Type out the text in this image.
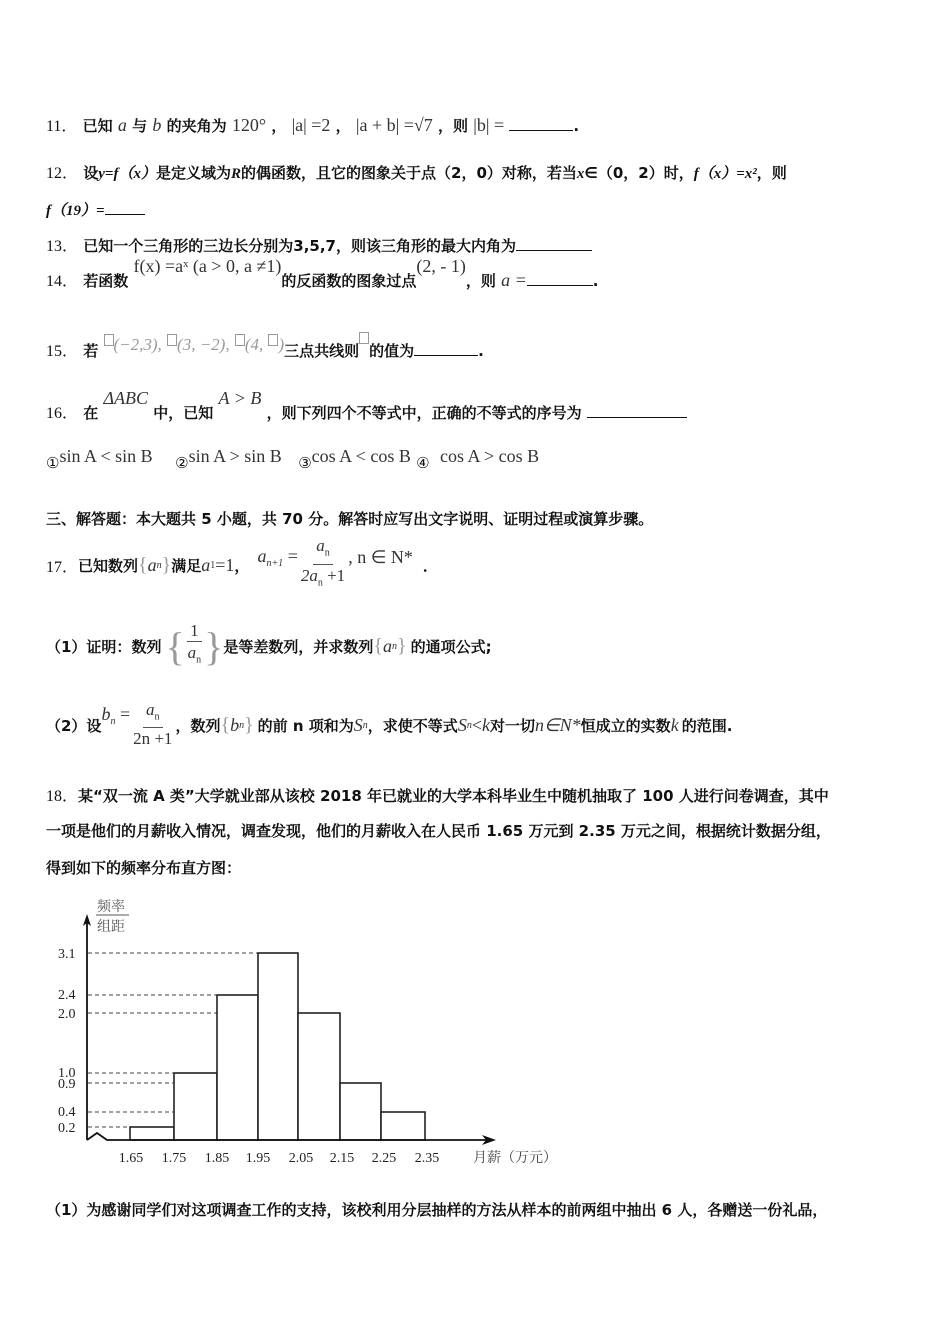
11． 已知 a 与 b 的夹角为 120° ， |a| =2 ， |a + b| =√7 ，则 |b| =	.
12． 设y=f（x）是定义域为R的偶函数，且它的图象关于点（2，0）对称，若当x∈（0，2）时，f（x）=x²，则
f（19）=
13． 已知一个三角形的三边长分别为3,5,7，则该三角形的最大内角为
14． 若函数 f(x) =aˣ (a > 0, a ≠1)的反函数的图象过点(2, - 1)，则 a =	.
15． 若 (−2,3), (3, −2), (4, )三点共线则 的值为	.
16． 在 ΔABC 中，已知 A > B ，则下列四个不等式中，正确的不等式的序号为
①sin A < sin B ②sin A > sin B ③cos A < cos B ④ cos A > cos B
三、解答题：本大题共 5 小题，共 70 分。解答时应写出文字说明、证明过程或演算步骤。
17． 已知数列 { a n } 满足 a 1 =1 ， $a_{n+1} = \frac{a_n}{2a_n +1}$ , n ∈ N* ．
（1）证明：数列 { $\frac{1}{a_n}$ } 是等差数列，并求数列 { a n } 的通项公式;
（2）设
$b_n = \frac{a_n}{2n +1}$ ，数列 { b n } 的前 n 项和为 S n ，求使不等式 S n < k 对一切 n∈N* 恒成立的实数 k 的范围.
18．某“双一流 A 类”大学就业部从该校 2018 年已就业的大学本科毕业生中随机抽取了 100 人进行问卷调查，其中
一项是他们的月薪收入情况，调查发现，他们的月薪收入在人民币 1.65 万元到 2.35 万元之间，根据统计数据分组，
得到如下的频率分布直方图：
频率
组距
3.1
2.4
2.0
1.0
0.9
0.4
0.2
1.65 1.75 1.85 1.95 2.05 2.15 2.25 2.35 月薪（万元）
（1）为感谢同学们对这项调查工作的支持，该校利用分层抽样的方法从样本的前两组中抽出 6 人，各赠送一份礼品，
